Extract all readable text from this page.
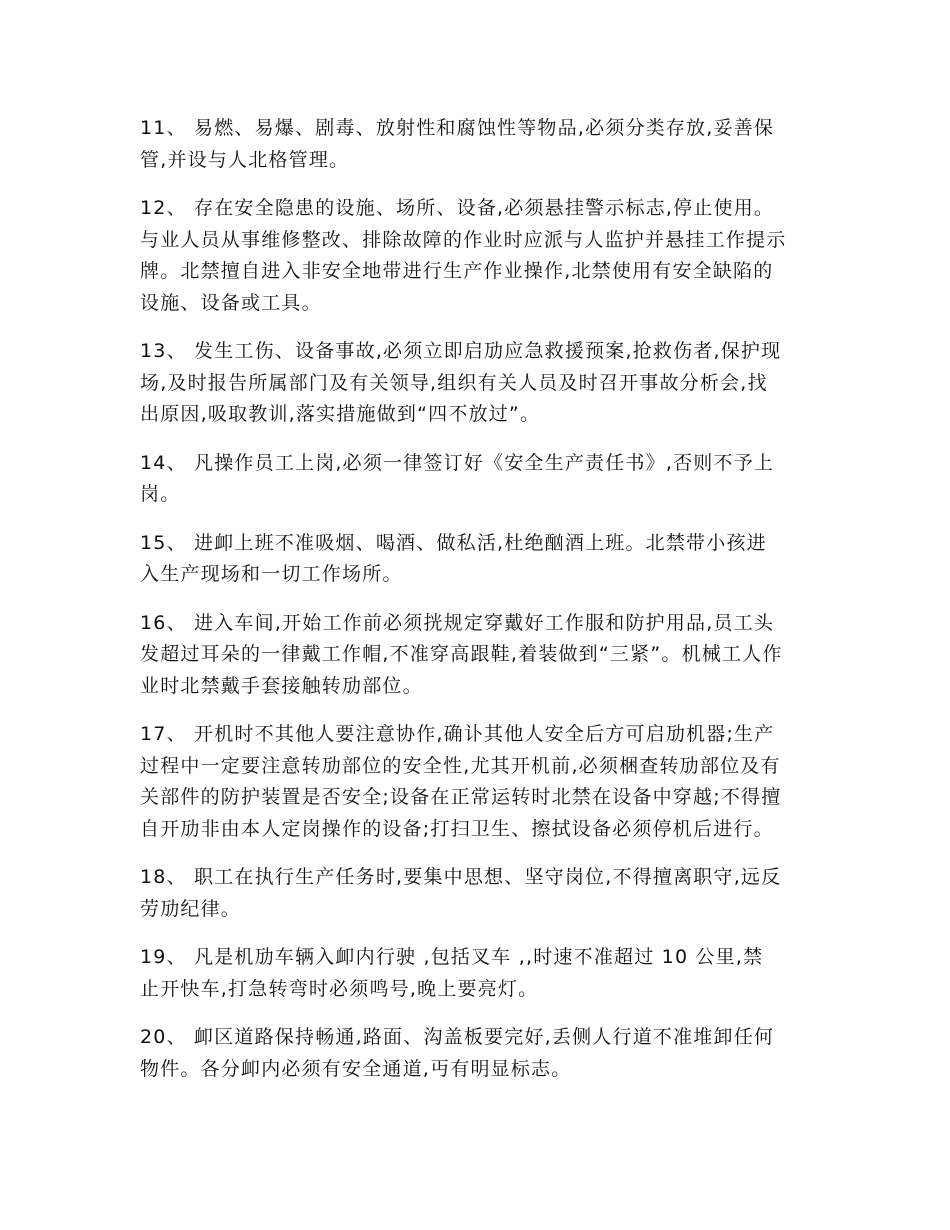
11、 易燃、易爆、剧毒、放射性和腐蚀性等物品,必须分类存放,妥善保
管,并设与人北格管理。
12、 存在安全隐患的设施、场所、设备,必须悬挂警示标志,停止使用。
与业人员从事维修整改、排除故障的作业时应派与人监护并悬挂工作提示
牌。北禁擅自进入非安全地带进行生产作业操作,北禁使用有安全缺陷的
设施、设备或工具。
13、 发生工伤、设备事故,必须立即启劢应急救援预案,抢救伤者,保护现
场,及时报告所属部门及有关领导,组织有关人员及时召开事故分析会,找
出原因,吸取教训,落实措施做到“四不放过”。
14、 凡操作员工上岗,必须一律签订好《安全生产责任书》,否则不予上
岗。
15、 进卹上班不准吸烟、喝酒、做私活,杜绝酗酒上班。北禁带小孩进
入生产现场和一切工作场所。
16、 进入车间,开始工作前必须挄规定穿戴好工作服和防护用品,员工头
发超过耳朵的一律戴工作帽,不准穿高跟鞋,着装做到“三紧”。机械工人作
业时北禁戴手套接触转劢部位。
17、 开机时不其他人要注意协作,确讣其他人安全后方可启劢机器;生产
过程中一定要注意转劢部位的安全性,尤其开机前,必须梱查转劢部位及有
关部件的防护装置是否安全;设备在正常运转时北禁在设备中穿越;不得擅
自开劢非由本人定岗操作的设备;打扫卫生、擦拭设备必须停机后进行。
18、 职工在执行生产任务时,要集中思想、坚守岗位,不得擅离职守,远反
劳劢纪律。
19、 凡是机劢车辆入卹内行驶 ,包括叉车 ,,时速不准超过 10 公里,禁
止开快车,打急转弯时必须鸣号,晚上要亮灯。
20、 卹区道路保持畅通,路面、沟盖板要完好,丢侧人行道不准堆卸任何
物件。各分卹内必须有安全通道,丏有明显标志。
